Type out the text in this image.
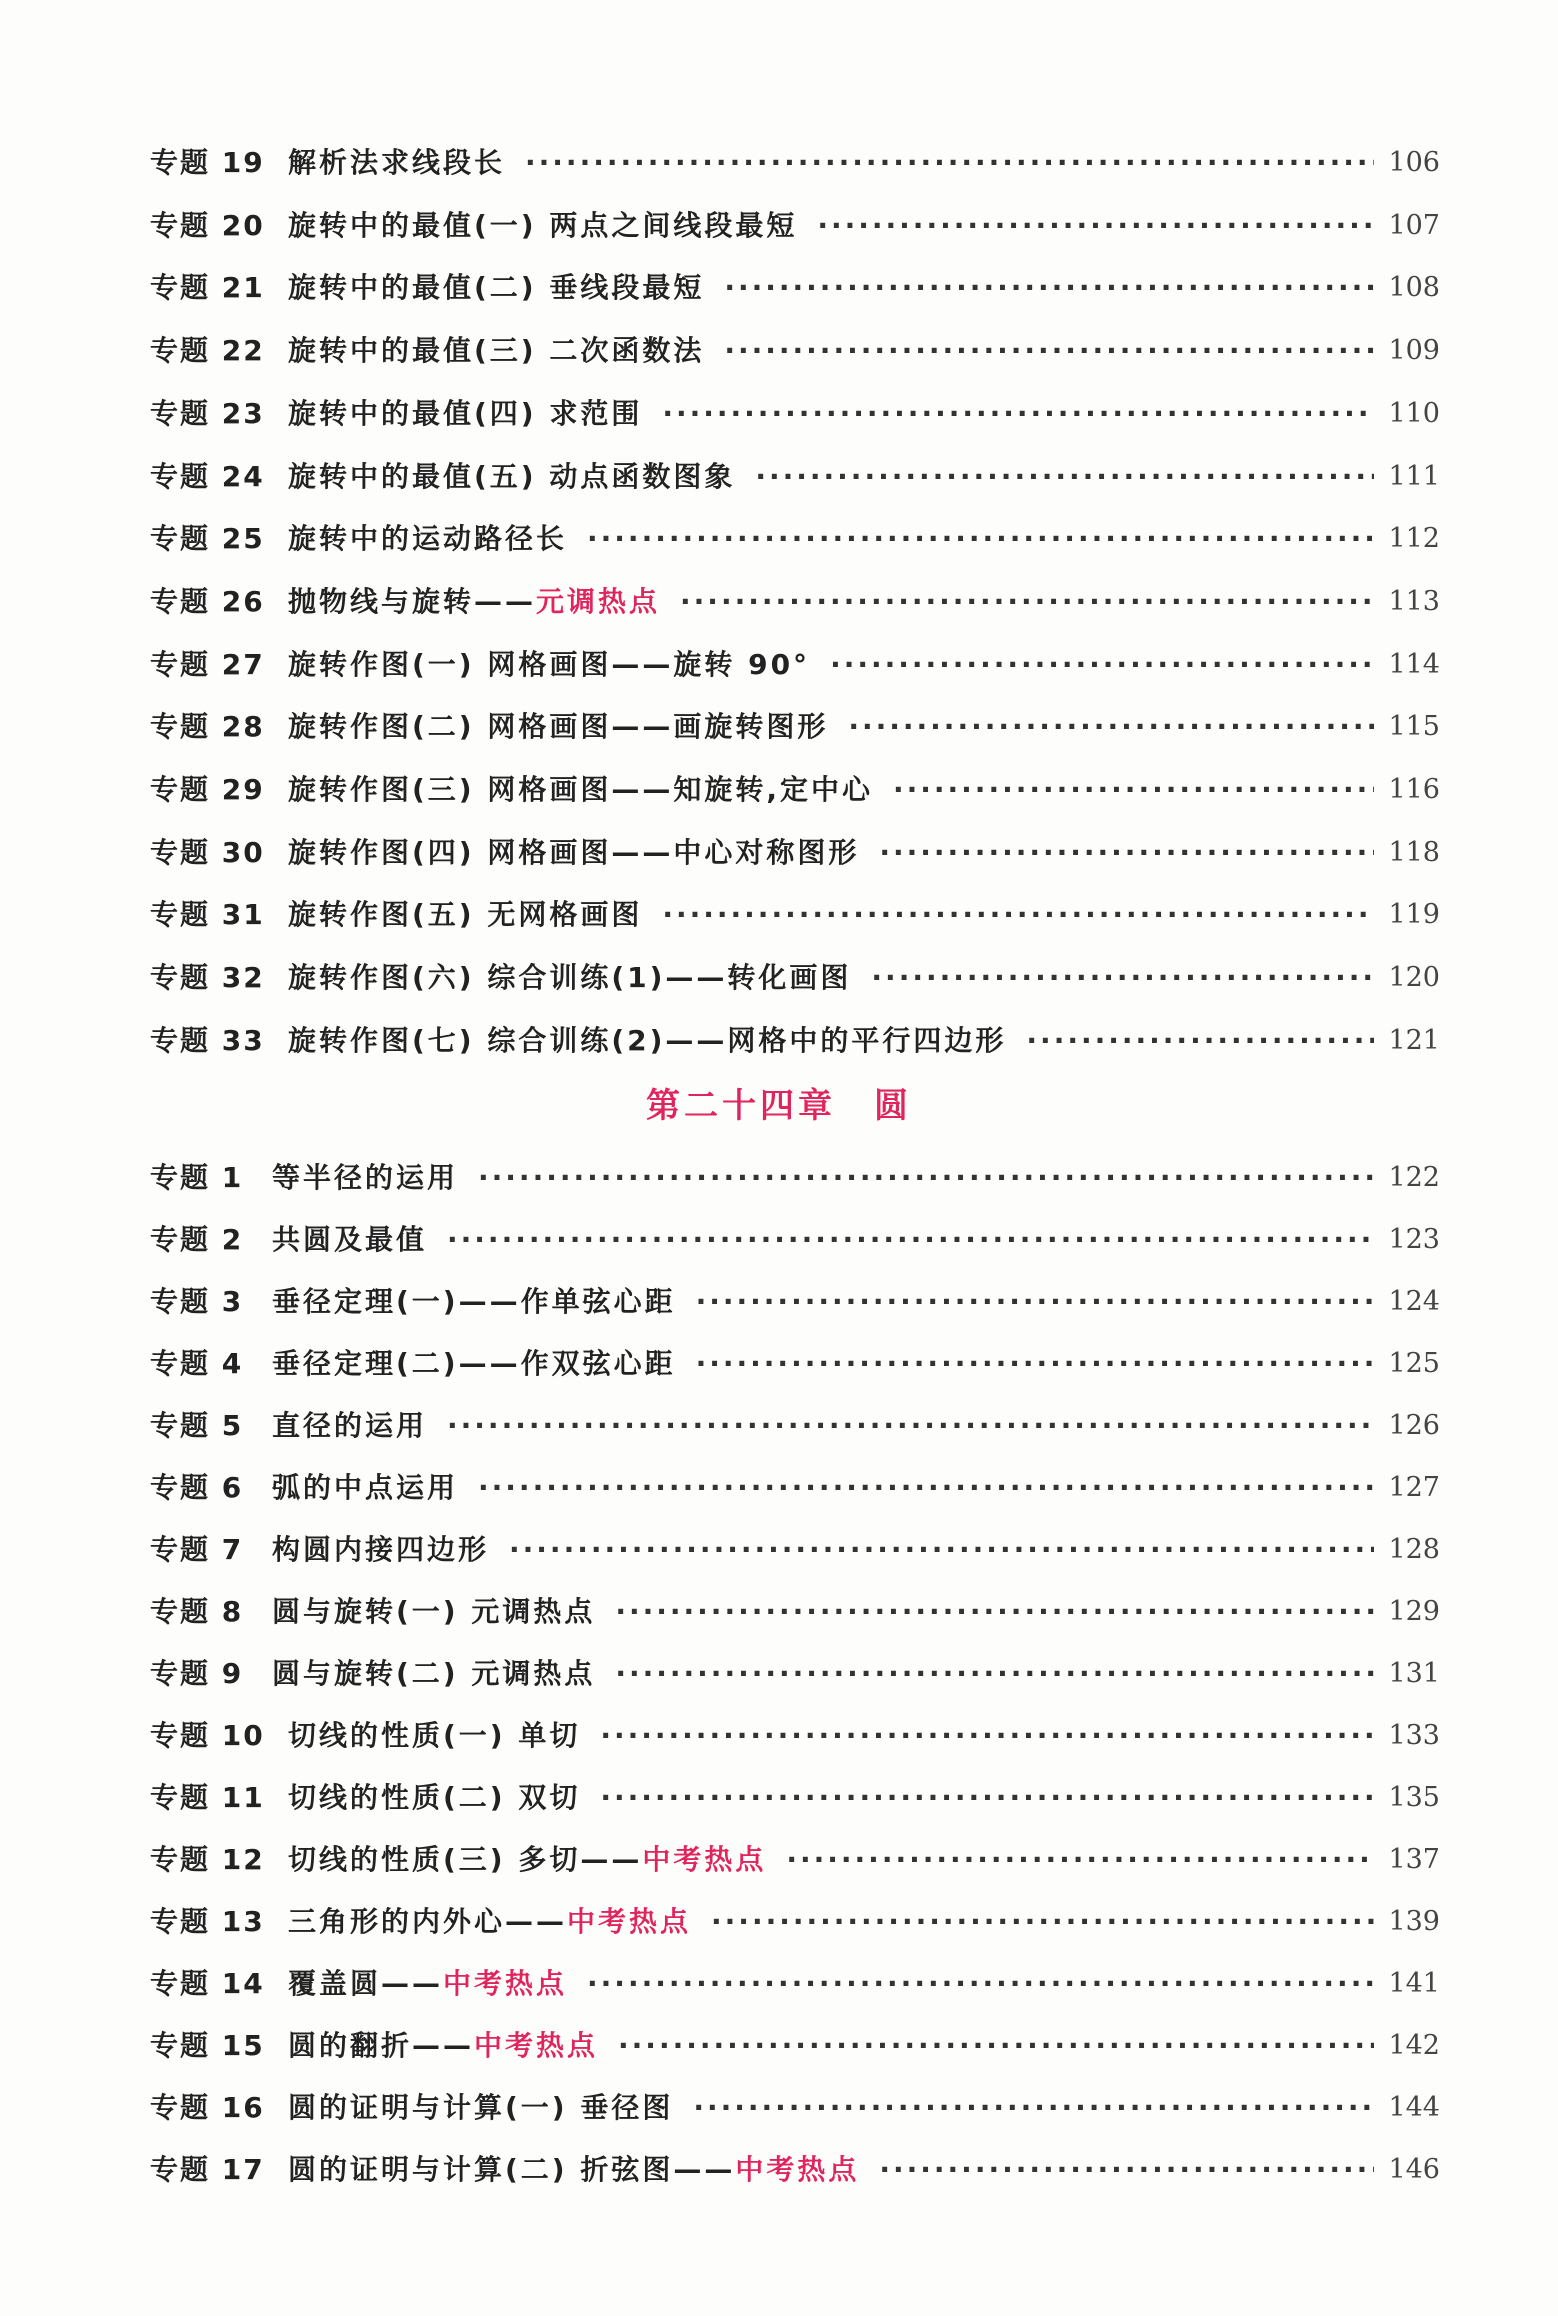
专题 19 解析法求线段长 ·····	106
专题 20 旋转中的最值(一) 两点之间线段最短 ·····	107
专题 21 旋转中的最值(二) 垂线段最短 ·····	108
专题 22 旋转中的最值(三) 二次函数法 ·····	109
专题 23 旋转中的最值(四) 求范围 ·····	110
专题 24 旋转中的最值(五) 动点函数图象 ·····	111
专题 25 旋转中的运动路径长 ·····	112
专题 26 抛物线与旋转——元调热点 ·····	113
专题 27 旋转作图(一) 网格画图——旋转 90° ·····	114
专题 28 旋转作图(二) 网格画图——画旋转图形 ·····	115
专题 29 旋转作图(三) 网格画图——知旋转,定中心 ·····	116
专题 30 旋转作图(四) 网格画图——中心对称图形 ·····	118
专题 31 旋转作图(五) 无网格画图 ·····	119
专题 32 旋转作图(六) 综合训练(1)——转化画图 ·····	120
专题 33 旋转作图(七) 综合训练(2)——网格中的平行四边形 ·····	121
第二十四章　圆
专题 1	等半径的运用 ·····	122
专题 2	共圆及最值 ·····	123
专题 3	垂径定理(一)——作单弦心距 ·····	124
专题 4	垂径定理(二)——作双弦心距 ·····	125
专题 5	直径的运用 ·····	126
专题 6	弧的中点运用 ·····	127
专题 7	构圆内接四边形 ·····	128
专题 8	圆与旋转(一) 元调热点 ·····	129
专题 9	圆与旋转(二) 元调热点 ·····	131
专题 10 切线的性质(一) 单切 ·····	133
专题 11 切线的性质(二) 双切 ·····	135
专题 12 切线的性质(三) 多切——中考热点 ·····	137
专题 13 三角形的内外心——中考热点 ·····	139
专题 14 覆盖圆——中考热点 ·····	141
专题 15 圆的翻折——中考热点 ·····	142
专题 16 圆的证明与计算(一) 垂径图 ·····	144
专题 17 圆的证明与计算(二) 折弦图——中考热点 ·····	146
